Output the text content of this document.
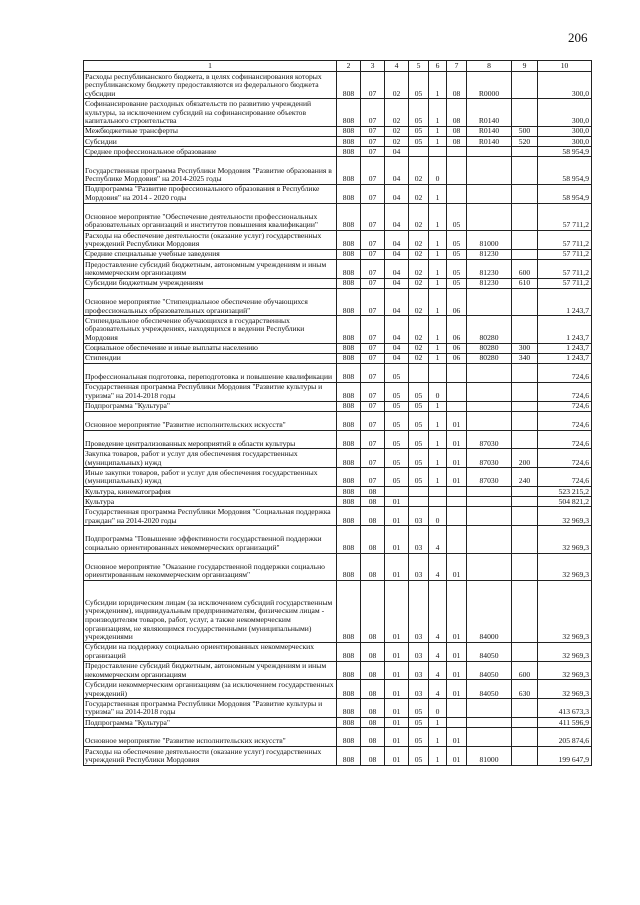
206
1	2	3	4	5	6	7	8	9	10
Расходы республиканского бюджета, в целях софинансирования которых республиканскому бюджету предоставляются из федерального бюджета субсидии	808	07	02	05	1	08	R0000		300,0
Софинансирование расходных обязательств по развитию учреждений культуры, за исключением субсидий на софинансирование объектов капитального строительства	808	07	02	05	1	08	R0140		300,0
Межбюджетные трансферты	808	07	02	05	1	08	R0140	500	300,0
Субсидии	808	07	02	05	1	08	R0140	520	300,0
Среднее профессиональное образование	808	07	04						58 954,9
Государственная программа Республики Мордовия "Развитие образования в Республике Мордовия" на 2014-2025 годы	808	07	04	02	0				58 954,9
Подпрограмма "Развитие профессионального образования в Республике Мордовия" на 2014 - 2020 годы	808	07	04	02	1				58 954,9
Основное мероприятие "Обеспечение деятельности профессиональных образовательных организаций и институтов повышения квалификации"	808	07	04	02	1	05			57 711,2
Расходы на обеспечение деятельности (оказание услуг) государственных учреждений Республики Мордовия	808	07	04	02	1	05	81000		57 711,2
Средние специальные учебные заведения	808	07	04	02	1	05	81230		57 711,2
Предоставление субсидий бюджетным, автономным учреждениям и иным некоммерческим организациям	808	07	04	02	1	05	81230	600	57 711,2
Субсидии бюджетным учреждениям	808	07	04	02	1	05	81230	610	57 711,2
Основное мероприятие "Стипендиальное обеспечение обучающихся профессиональных образовательных организаций"	808	07	04	02	1	06			1 243,7
Стипендиальное обеспечение обучающихся в государственных образовательных учреждениях, находящихся в ведении Республики Мордовия	808	07	04	02	1	06	80280		1 243,7
Социальное обеспечение и иные выплаты населению	808	07	04	02	1	06	80280	300	1 243,7
Стипендии	808	07	04	02	1	06	80280	340	1 243,7
Профессиональная подготовка, переподготовка и повышение квалификации	808	07	05						724,6
Государственная программа Республики Мордовия "Развитие культуры и туризма" на 2014-2018 годы	808	07	05	05	0				724,6
Подпрограмма "Культура"	808	07	05	05	1				724,6
Основное мероприятие "Развитие исполнительских искусств"	808	07	05	05	1	01			724,6
Проведение централизованных мероприятий в области культуры	808	07	05	05	1	01	87030		724,6
Закупка товаров, работ и услуг для обеспечения государственных (муниципальных) нужд	808	07	05	05	1	01	87030	200	724,6
Иные закупки товаров, работ и услуг для обеспечения государственных (муниципальных) нужд	808	07	05	05	1	01	87030	240	724,6
Культура, кинематография	808	08							523 215,2
Культура	808	08	01						504 821,2
Государственная программа Республики Мордовия "Социальная поддержка граждан" на 2014-2020 годы	808	08	01	03	0				32 969,3
Подпрограмма "Повышение эффективности государственной поддержки социально ориентированных некоммерческих организаций"	808	08	01	03	4				32 969,3
Основное мероприятие "Оказание государственной поддержки социально ориентированным некоммерческим организациям"	808	08	01	03	4	01			32 969,3
Субсидии юридическим лицам (за исключением субсидий государственным учреждениям), индивидуальным предпринимателям, физическим лицам - производителям товаров, работ, услуг, а также некоммерческим организациям, не являющимся государственными (муниципальными) учреждениями	808	08	01	03	4	01	84000		32 969,3
Субсидии на поддержку социально ориентированных некоммерческих организаций	808	08	01	03	4	01	84050		32 969,3
Предоставление субсидий бюджетным, автономным учреждениям и иным некоммерческим организациям	808	08	01	03	4	01	84050	600	32 969,3
Субсидии некоммерческим организациям (за исключением государственных учреждений)	808	08	01	03	4	01	84050	630	32 969,3
Государственная программа Республики Мордовия "Развитие культуры и туризма" на 2014-2018 годы	808	08	01	05	0				413 673,3
Подпрограмма "Культура"	808	08	01	05	1				411 596,9
Основное мероприятие "Развитие исполнительских искусств"	808	08	01	05	1	01			205 874,6
Расходы на обеспечение деятельности (оказание услуг) государственных учреждений Республики Мордовия	808	08	01	05	1	01	81000		199 647,9
